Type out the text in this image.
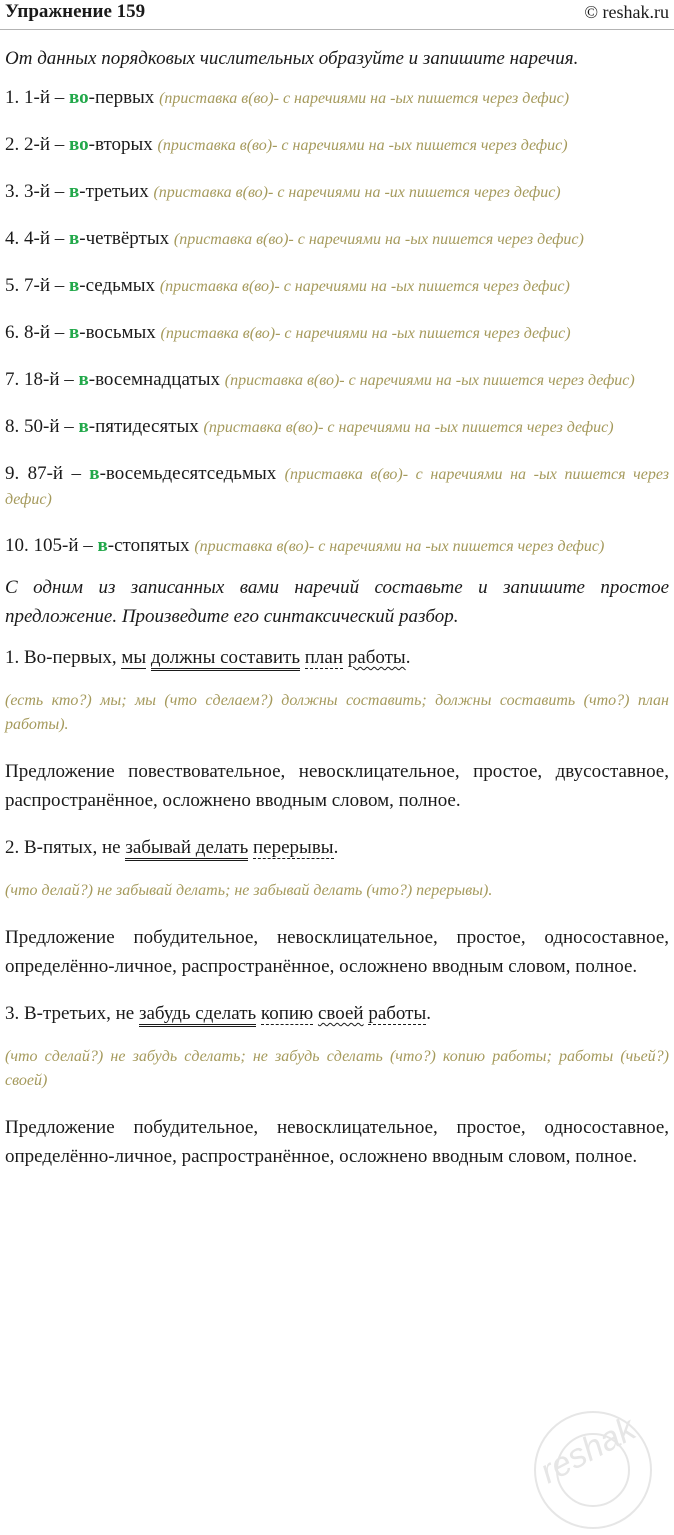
Упражнение 159	© reshak.ru
От данных порядковых числительных образуйте и запишите наречия.
1. 1-й – во-первых (приставка в(во)- с наречиями на -ых пишется через дефис)
2. 2-й – во-вторых (приставка в(во)- с наречиями на -ых пишется через дефис)
3. 3-й – в-третьих (приставка в(во)- с наречиями на -их пишется через дефис)
4. 4-й – в-четвёртых (приставка в(во)- с наречиями на -ых пишется через дефис)
5. 7-й – в-седьмых (приставка в(во)- с наречиями на -ых пишется через дефис)
6. 8-й – в-восьмых (приставка в(во)- с наречиями на -ых пишется через дефис)
7. 18-й – в-восемнадцатых (приставка в(во)- с наречиями на -ых пишется через дефис)
8. 50-й – в-пятидесятых (приставка в(во)- с наречиями на -ых пишется через дефис)
9. 87-й – в-восемьдесятседьмых (приставка в(во)- с наречиями на -ых пишется через дефис)
10. 105-й – в-стопятых (приставка в(во)- с наречиями на -ых пишется через дефис)
С одним из записанных вами наречий составьте и запишите простое предложение. Произведите его синтаксический разбор.
1. Во-первых, мы должны составить план работы.
(есть кто?) мы; мы (что сделаем?) должны составить; должны составить (что?) план работы).
Предложение повествовательное, невосклицательное, простое, двусоставное, распространённое, осложнено вводным словом, полное.
2. В-пятых, не забывай делать перерывы.
(что делай?) не забывай делать; не забывай делать (что?) перерывы).
Предложение побудительное, невосклицательное, простое, односоставное, определённо-личное, распространённое, осложнено вводным словом, полное.
3. В-третьих, не забудь сделать копию своей работы.
(что сделай?) не забудь сделать; не забудь сделать (что?) копию работы; работы (чьей?) своей)
Предложение побудительное, невосклицательное, простое, односоставное, определённо-личное, распространённое, осложнено вводным словом, полное.
reshak
